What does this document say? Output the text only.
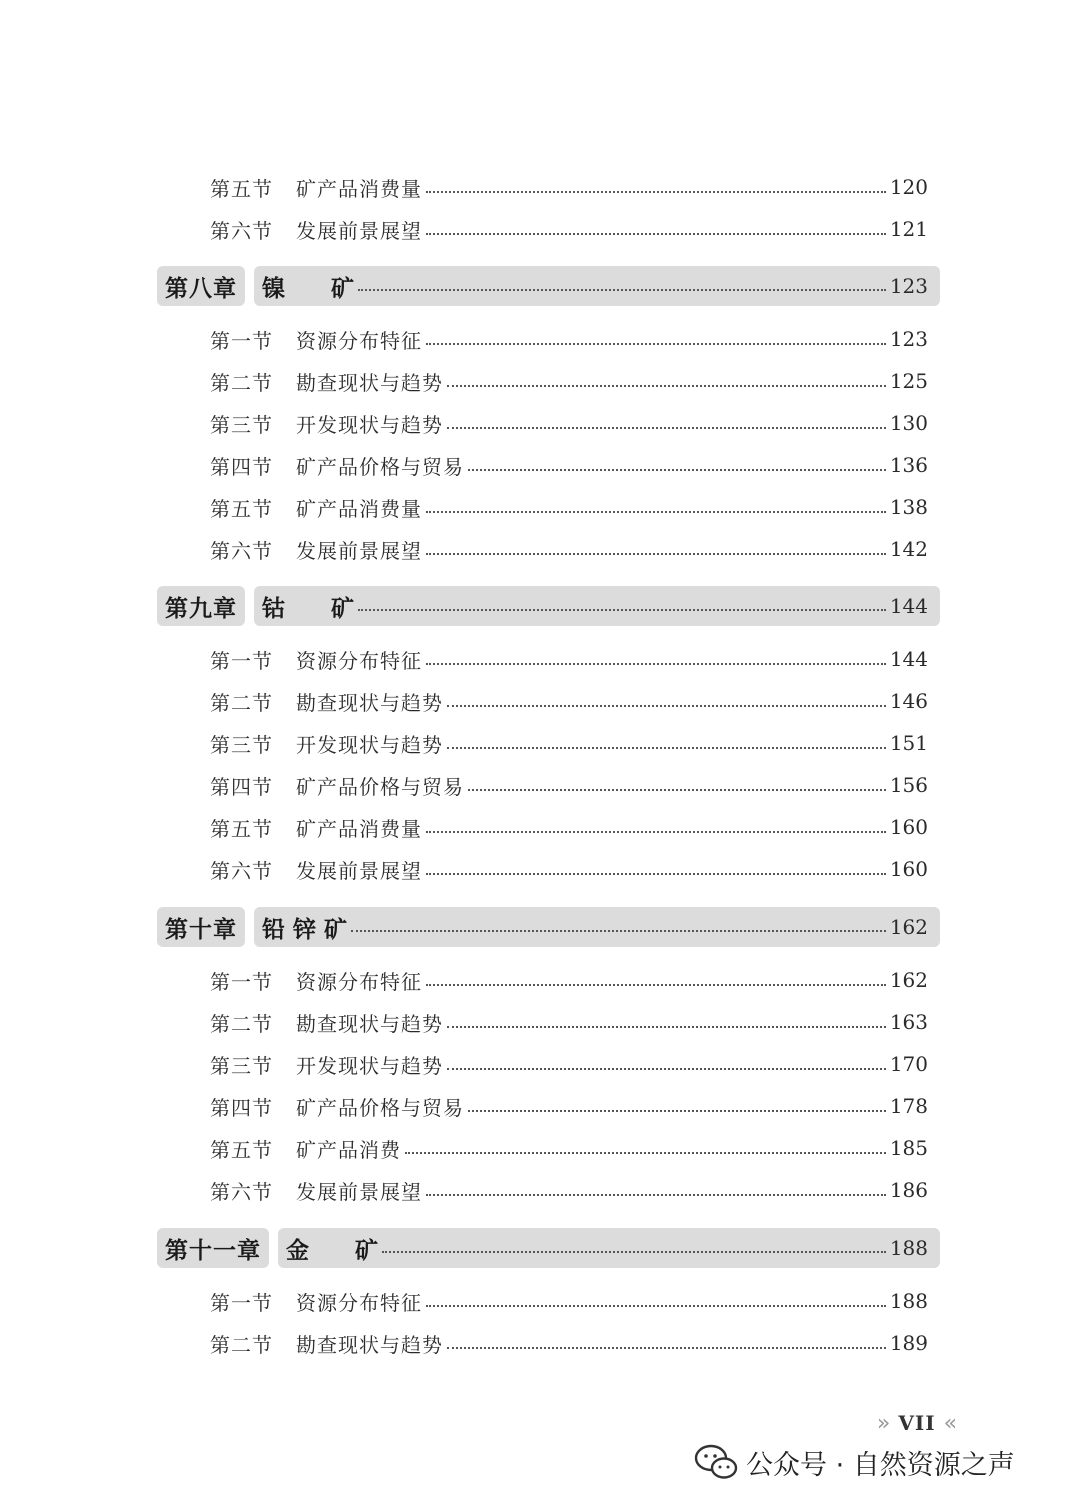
第五节	矿产品消费量	120
第六节	发展前景展望	121
第八章	镍　　矿	123
第一节	资源分布特征	123
第二节	勘查现状与趋势	125
第三节	开发现状与趋势	130
第四节	矿产品价格与贸易	136
第五节	矿产品消费量	138
第六节	发展前景展望	142
第九章	钴　　矿	144
第一节	资源分布特征	144
第二节	勘查现状与趋势	146
第三节	开发现状与趋势	151
第四节	矿产品价格与贸易	156
第五节	矿产品消费量	160
第六节	发展前景展望	160
第十章	铅 锌 矿	162
第一节	资源分布特征	162
第二节	勘查现状与趋势	163
第三节	开发现状与趋势	170
第四节	矿产品价格与贸易	178
第五节	矿产品消费	185
第六节	发展前景展望	186
第十一章	金　　矿	188
第一节	资源分布特征	188
第二节	勘查现状与趋势	189
» VII «
公众号 · 自然资源之声
